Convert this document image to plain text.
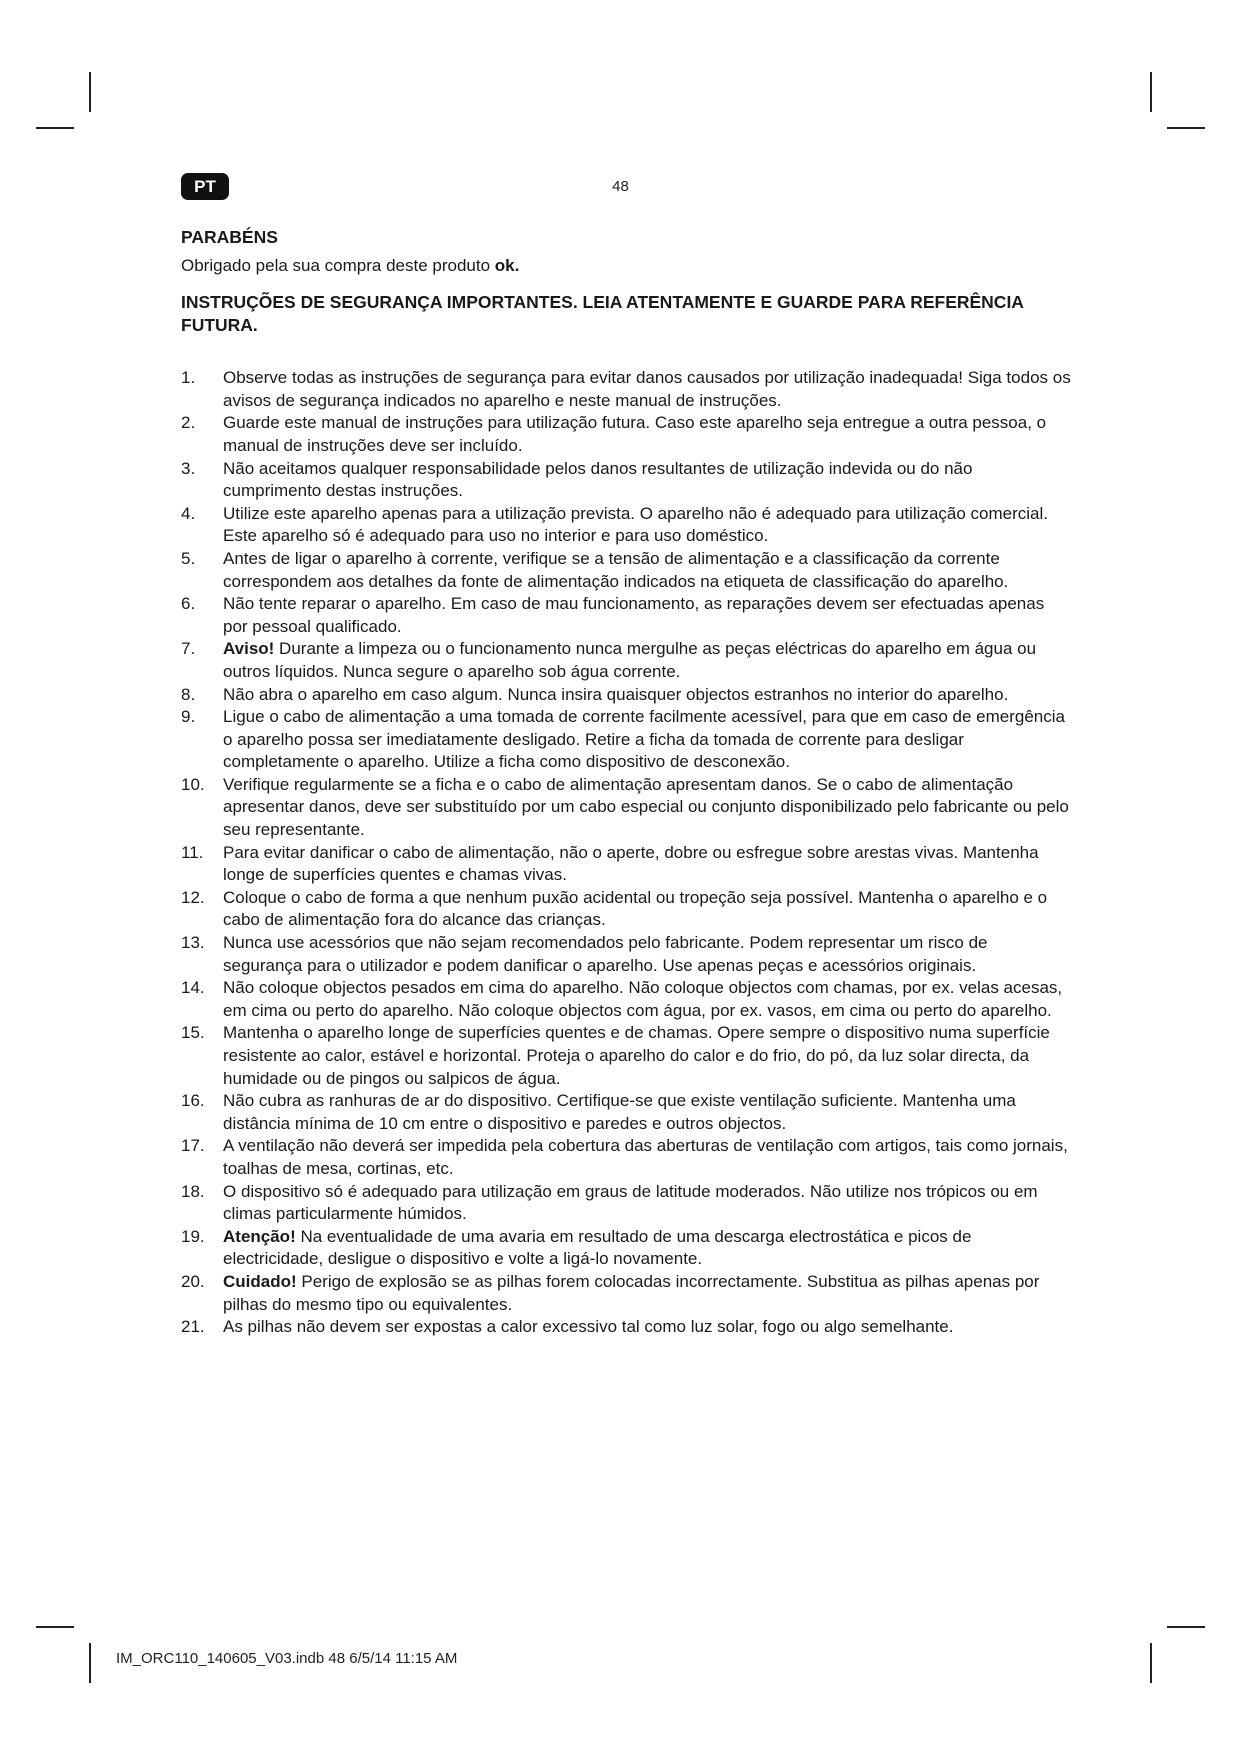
PT	48

PARABÉNS

Obrigado pela sua compra deste produto ok.

INSTRUÇÕES DE SEGURANÇA IMPORTANTES. LEIA ATENTAMENTE E GUARDE PARA REFERÊNCIA FUTURA.

1. Observe todas as instruções de segurança para evitar danos causados por utilização inadequada! Siga todos os avisos de segurança indicados no aparelho e neste manual de instruções.
2. Guarde este manual de instruções para utilização futura. Caso este aparelho seja entregue a outra pessoa, o manual de instruções deve ser incluído.
3. Não aceitamos qualquer responsabilidade pelos danos resultantes de utilização indevida ou do não cumprimento destas instruções.
4. Utilize este aparelho apenas para a utilização prevista. O aparelho não é adequado para utilização comercial. Este aparelho só é adequado para uso no interior e para uso doméstico.
5. Antes de ligar o aparelho à corrente, verifique se a tensão de alimentação e a classificação da corrente correspondem aos detalhes da fonte de alimentação indicados na etiqueta de classificação do aparelho.
6. Não tente reparar o aparelho. Em caso de mau funcionamento, as reparações devem ser efectuadas apenas por pessoal qualificado.
7. Aviso! Durante a limpeza ou o funcionamento nunca mergulhe as peças eléctricas do aparelho em água ou outros líquidos. Nunca segure o aparelho sob água corrente.
8. Não abra o aparelho em caso algum. Nunca insira quaisquer objectos estranhos no interior do aparelho.
9. Ligue o cabo de alimentação a uma tomada de corrente facilmente acessível, para que em caso de emergência o aparelho possa ser imediatamente desligado. Retire a ficha da tomada de corrente para desligar completamente o aparelho. Utilize a ficha como dispositivo de desconexão.
10. Verifique regularmente se a ficha e o cabo de alimentação apresentam danos. Se o cabo de alimentação apresentar danos, deve ser substituído por um cabo especial ou conjunto disponibilizado pelo fabricante ou pelo seu representante.
11. Para evitar danificar o cabo de alimentação, não o aperte, dobre ou esfregue sobre arestas vivas. Mantenha longe de superfícies quentes e chamas vivas.
12. Coloque o cabo de forma a que nenhum puxão acidental ou tropeção seja possível. Mantenha o aparelho e o cabo de alimentação fora do alcance das crianças.
13. Nunca use acessórios que não sejam recomendados pelo fabricante. Podem representar um risco de segurança para o utilizador e podem danificar o aparelho. Use apenas peças e acessórios originais.
14. Não coloque objectos pesados em cima do aparelho. Não coloque objectos com chamas, por ex. velas acesas, em cima ou perto do aparelho. Não coloque objectos com água, por ex. vasos, em cima ou perto do aparelho.
15. Mantenha o aparelho longe de superfícies quentes e de chamas. Opere sempre o dispositivo numa superfície resistente ao calor, estável e horizontal. Proteja o aparelho do calor e do frio, do pó, da luz solar directa, da humidade ou de pingos ou salpicos de água.
16. Não cubra as ranhuras de ar do dispositivo. Certifique-se que existe ventilação suficiente. Mantenha uma distância mínima de 10 cm entre o dispositivo e paredes e outros objectos.
17. A ventilação não deverá ser impedida pela cobertura das aberturas de ventilação com artigos, tais como jornais, toalhas de mesa, cortinas, etc.
18. O dispositivo só é adequado para utilização em graus de latitude moderados. Não utilize nos trópicos ou em climas particularmente húmidos.
19. Atenção! Na eventualidade de uma avaria em resultado de uma descarga electrostática e picos de electricidade, desligue o dispositivo e volte a ligá-lo novamente.
20. Cuidado! Perigo de explosão se as pilhas forem colocadas incorrectamente. Substitua as pilhas apenas por pilhas do mesmo tipo ou equivalentes.
21. As pilhas não devem ser expostas a calor excessivo tal como luz solar, fogo ou algo semelhante.
IM_ORC110_140605_V03.indb 48 6/5/14 11:15 AM
